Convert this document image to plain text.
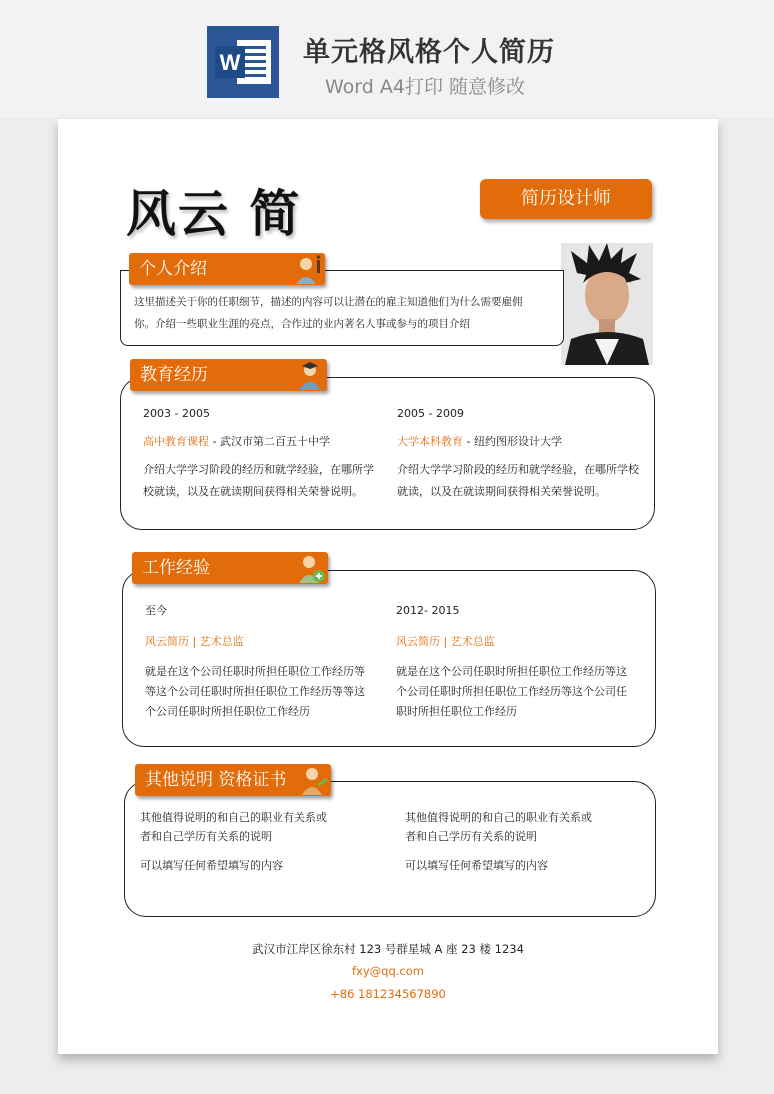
W 单元格风格个人简历
Word A4打印 随意修改
风云 简	简历设计师
个人介绍
这里描述关于你的任职细节，描述的内容可以让潜在的雇主知道他们为什么需要雇佣
你。介绍一些职业生涯的亮点，合作过的业内著名人事或参与的项目介绍
教育经历
2003 - 2005
高中教育课程 - 武汉市第二百五十中学
介绍大学学习阶段的经历和就学经验，在哪所学
校就读，以及在就读期间获得相关荣誉说明。
2005 - 2009
大学本科教育 - 纽约图形设计大学
介绍大学学习阶段的经历和就学经验，在哪所学校
就读，以及在就读期间获得相关荣誉说明。
工作经验
至今
风云简历 | 艺术总监
就是在这个公司任职时所担任职位工作经历等
等这个公司任职时所担任职位工作经历等等这
个公司任职时所担任职位工作经历
2012- 2015
风云简历 | 艺术总监
就是在这个公司任职时所担任职位工作经历等这
个公司任职时所担任职位工作经历等这个公司任
职时所担任职位工作经历
其他说明 资格证书
其他值得说明的和自己的职业有关系或
者和自己学历有关系的说明
可以填写任何希望填写的内容
其他值得说明的和自己的职业有关系或
者和自己学历有关系的说明
可以填写任何希望填写的内容
武汉市江岸区徐东村 123 号群星城 A 座 23 楼 1234
fxy@qq.com
+86 181234567890
